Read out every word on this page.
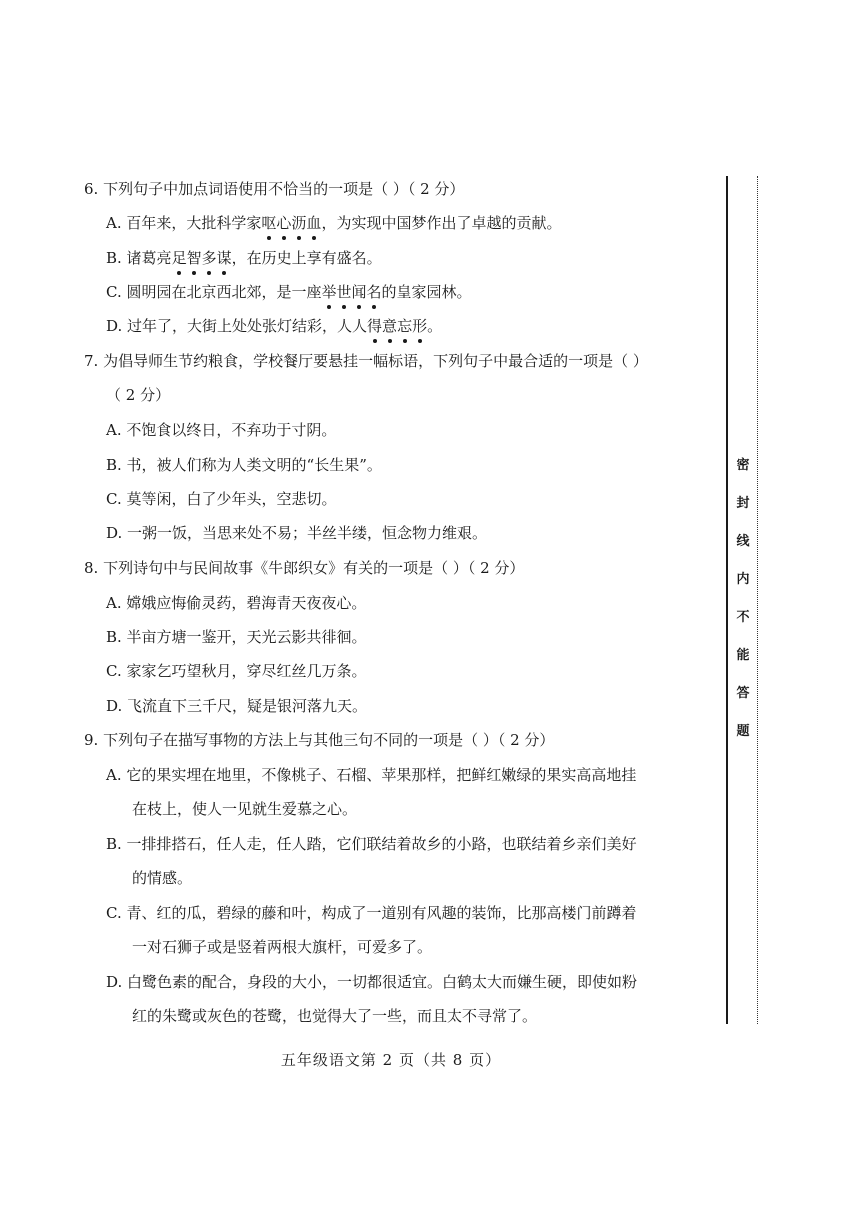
6. 下列句子中加点词语使用不恰当的一项是（ ）（ 2 分）
A. 百年来，大批科学家呕心沥血，为实现中国梦作出了卓越的贡献。
B. 诸葛亮足智多谋，在历史上享有盛名。
C. 圆明园在北京西北郊，是一座举世闻名的皇家园林。
D. 过年了，大街上处处张灯结彩，人人得意忘形。
7. 为倡导师生节约粮食，学校餐厅要悬挂一幅标语，下列句子中最合适的一项是（ ）
（ 2 分）
A. 不饱食以终日，不弃功于寸阴。
B. 书，被人们称为人类文明的“长生果”。
C. 莫等闲，白了少年头，空悲切。
D. 一粥一饭，当思来处不易；半丝半缕，恒念物力维艰。
8. 下列诗句中与民间故事《牛郎织女》有关的一项是（ ）（ 2 分）
A. 嫦娥应悔偷灵药，碧海青天夜夜心。
B. 半亩方塘一鉴开，天光云影共徘徊。
C. 家家乞巧望秋月，穿尽红丝几万条。
D. 飞流直下三千尺，疑是银河落九天。
9. 下列句子在描写事物的方法上与其他三句不同的一项是（ ）（ 2 分）
A. 它的果实埋在地里，不像桃子、石榴、苹果那样，把鲜红嫩绿的果实高高地挂
在枝上，使人一见就生爱慕之心。
B. 一排排搭石，任人走，任人踏，它们联结着故乡的小路，也联结着乡亲们美好
的情感。
C. 青、红的瓜，碧绿的藤和叶，构成了一道别有风趣的装饰，比那高楼门前蹲着
一对石狮子或是竖着两根大旗杆，可爱多了。
D. 白鹭色素的配合，身段的大小，一切都很适宜。白鹤太大而嫌生硬，即使如粉
红的朱鹭或灰色的苍鹭，也觉得大了一些，而且太不寻常了。
五年级语文第 2 页（共 8 页）
密
封
线
内
不
能
答
题
